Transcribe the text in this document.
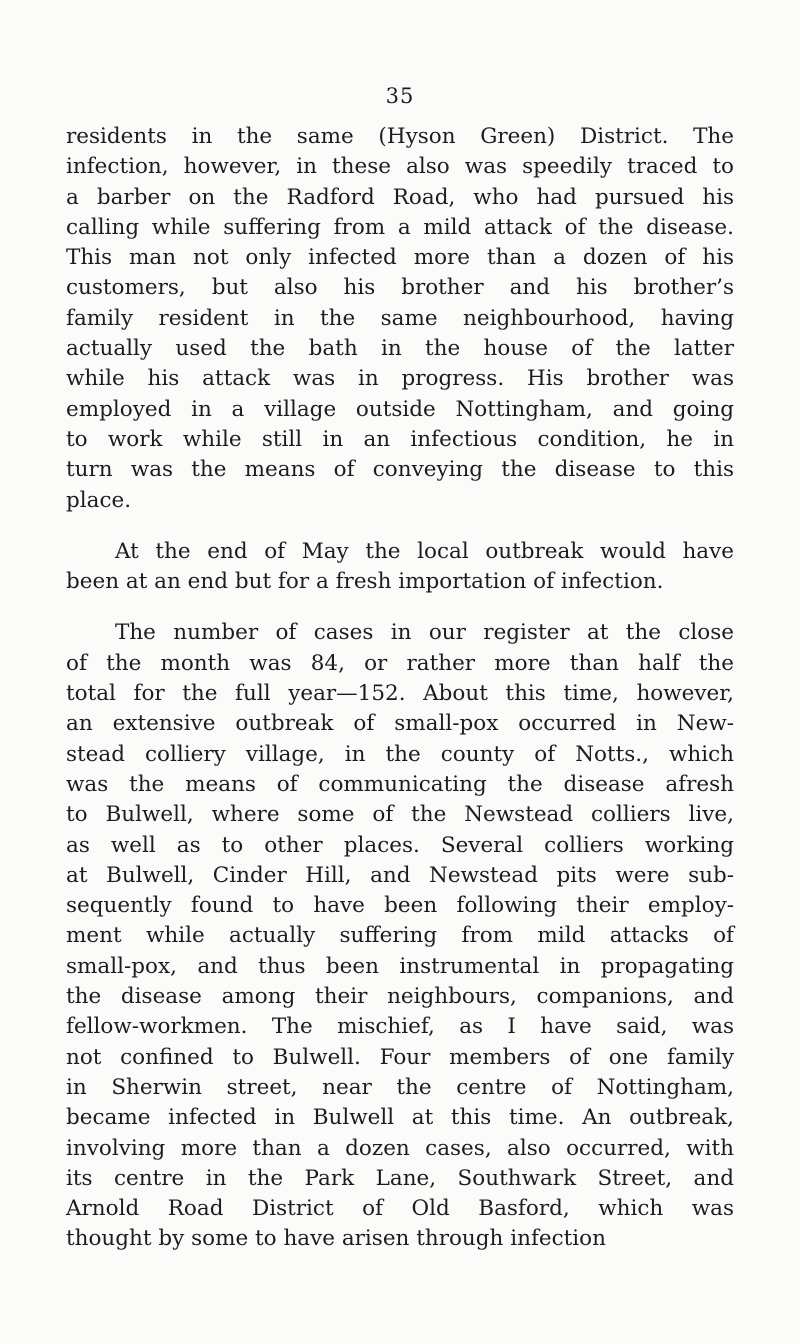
35
residents in the same (Hyson Green) District. The
infection, however, in these also was speedily traced to
a barber on the Radford Road, who had pursued his
calling while suffering from a mild attack of the disease.
This man not only infected more than a dozen of his
customers, but also his brother and his brother’s
family resident in the same neighbourhood, having
actually used the bath in the house of the latter
while his attack was in progress. His brother was
employed in a village outside Nottingham, and going
to work while still in an infectious condition, he in
turn was the means of conveying the disease to this
place.
At the end of May the local outbreak would have
been at an end but for a fresh importation of infection.
The number of cases in our register at the close
of the month was 84, or rather more than half the
total for the full year—152. About this time, however,
an extensive outbreak of small-pox occurred in New-
stead colliery village, in the county of Notts., which
was the means of communicating the disease afresh
to Bulwell, where some of the Newstead colliers live,
as well as to other places. Several colliers working
at Bulwell, Cinder Hill, and Newstead pits were sub-
sequently found to have been following their employ-
ment while actually suffering from mild attacks of
small-pox, and thus been instrumental in propagating
the disease among their neighbours, companions, and
fellow-workmen. The mischief, as I have said, was
not confined to Bulwell. Four members of one family
in Sherwin street, near the centre of Nottingham,
became infected in Bulwell at this time. An outbreak,
involving more than a dozen cases, also occurred, with
its centre in the Park Lane, Southwark Street, and
Arnold Road District of Old Basford, which was
thought by some to have arisen through infection
